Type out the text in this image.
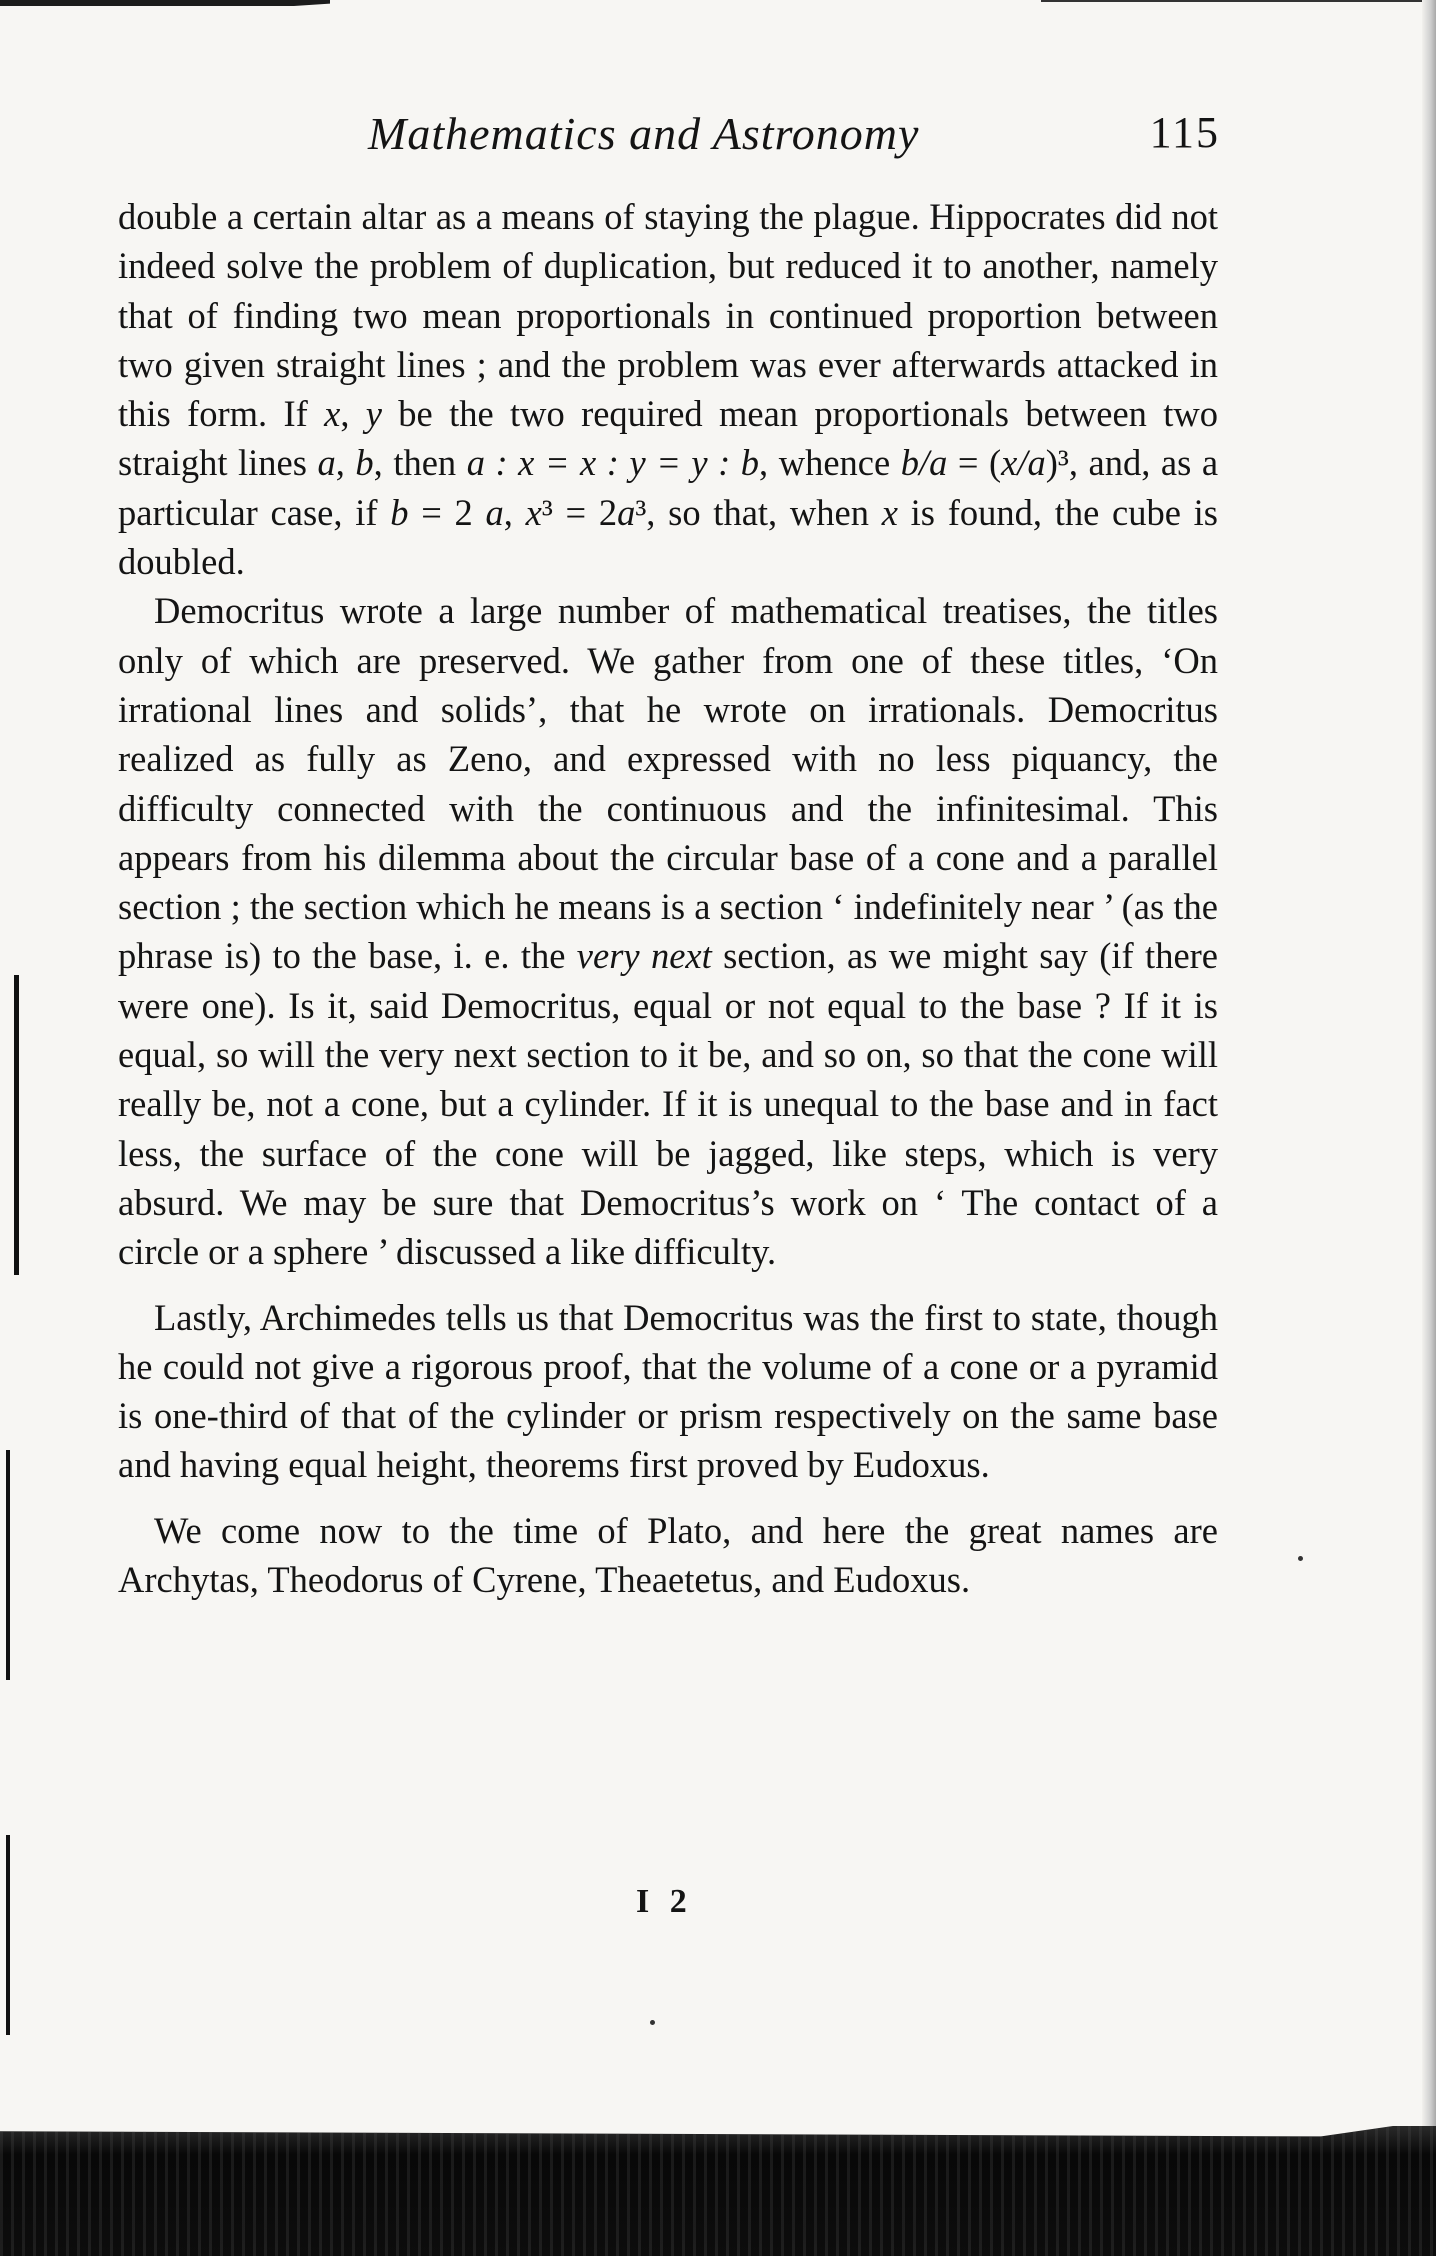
Mathematics and Astronomy	115

double a certain altar as a means of staying the plague. Hippocrates did not indeed solve the problem of duplication, but reduced it to another, namely that of finding two mean proportionals in continued proportion between two given straight lines ; and the problem was ever afterwards attacked in this form. If x, y be the two required mean proportionals between two straight lines a, b, then a : x = x : y = y : b, whence b/a = (x/a)³, and, as a particular case, if b = 2 a, x³ = 2a³, so that, when x is found, the cube is doubled.

Democritus wrote a large number of mathematical treatises, the titles only of which are preserved. We gather from one of these titles, ‘On irrational lines and solids’, that he wrote on irrationals. Democritus realized as fully as Zeno, and expressed with no less piquancy, the difficulty connected with the continuous and the infinitesimal. This appears from his dilemma about the circular base of a cone and a parallel section ; the section which he means is a section ‘ indefinitely near ’ (as the phrase is) to the base, i. e. the very next section, as we might say (if there were one). Is it, said Democritus, equal or not equal to the base ? If it is equal, so will the very next section to it be, and so on, so that the cone will really be, not a cone, but a cylinder. If it is unequal to the base and in fact less, the surface of the cone will be jagged, like steps, which is very absurd. We may be sure that Democritus’s work on ‘ The contact of a circle or a sphere ’ discussed a like difficulty.

Lastly, Archimedes tells us that Democritus was the first to state, though he could not give a rigorous proof, that the volume of a cone or a pyramid is one-third of that of the cylinder or prism respectively on the same base and having equal height, theorems first proved by Eudoxus.

We come now to the time of Plato, and here the great names are Archytas, Theodorus of Cyrene, Theaetetus, and Eudoxus.

I 2
